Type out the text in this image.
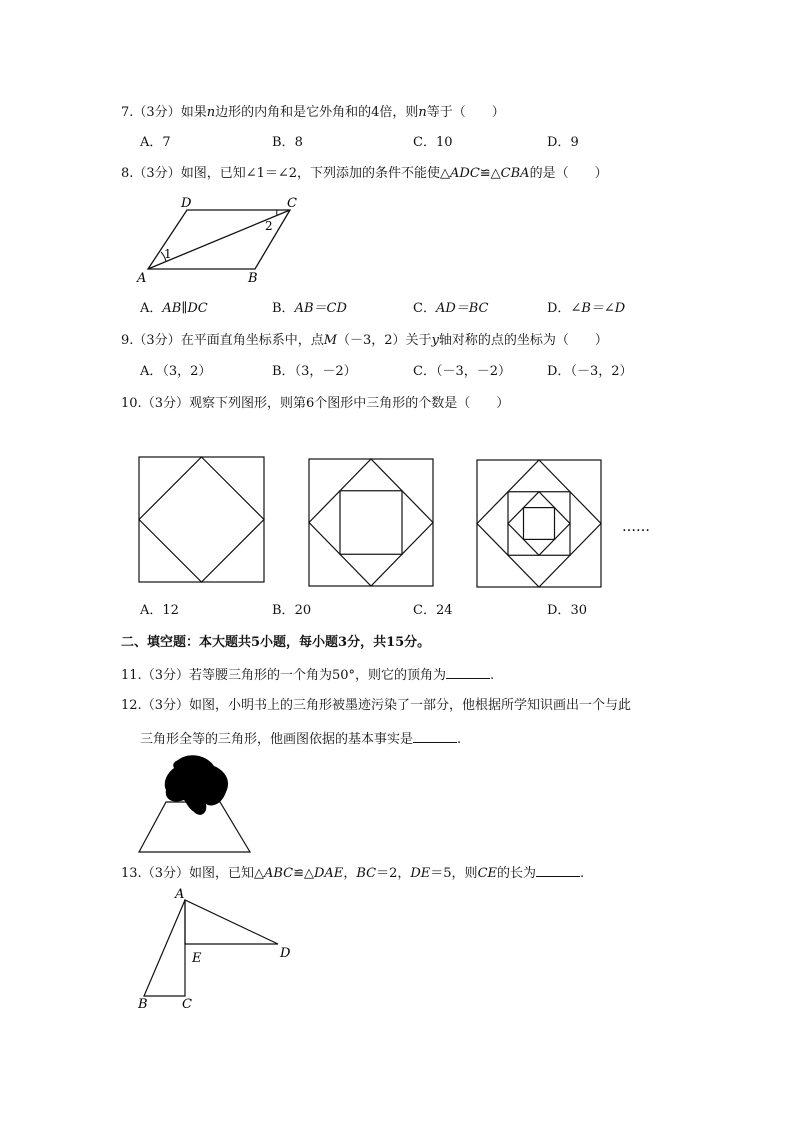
7.（3分）如果n边形的内角和是它外角和的4倍，则n等于（　　）
A．7	B．8	C．10	D．9
8.（3分）如图，已知∠1＝∠2，下列添加的条件不能使△ADC≌△CBA的是（　　）
D	C
A	B
1
2
A．AB∥DC	B．AB＝CD	C．AD＝BC	D．∠B＝∠D
9.（3分）在平面直角坐标系中，点M（－3，2）关于y轴对称的点的坐标为（　　）
A．（3，2）	B．（3，－2）	C．（－3，－2）	D．（－3，2）
10.（3分）观察下列图形，则第6个图形中三角形的个数是（　　）
……
A．12	B．20	C．24	D．30
二、填空题：本大题共5小题，每小题3分，共15分。
11.（3分）若等腰三角形的一个角为50°，则它的顶角为	.
12.（3分）如图，小明书上的三角形被墨迹污染了一部分，他根据所学知识画出一个与此
三角形全等的三角形，他画图依据的基本事实是	.
13.（3分）如图，已知△ABC≌△DAE，BC＝2，DE＝5，则CE的长为	.
A
B	C
D
E
